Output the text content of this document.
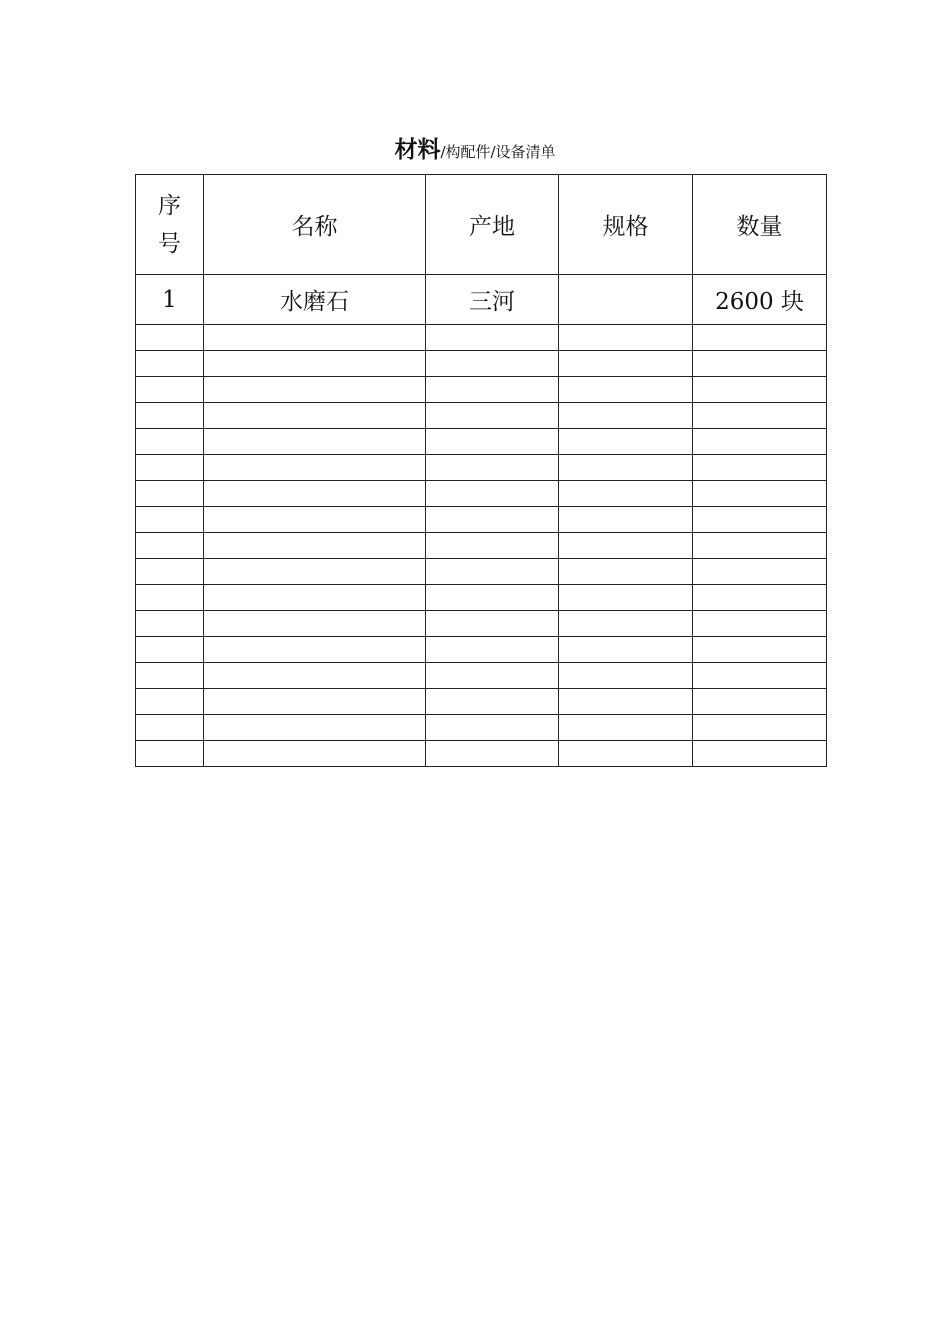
材料/构配件/设备清单
序
号	名称	产地	规格	数量
1	水磨石	三河		2600 块
